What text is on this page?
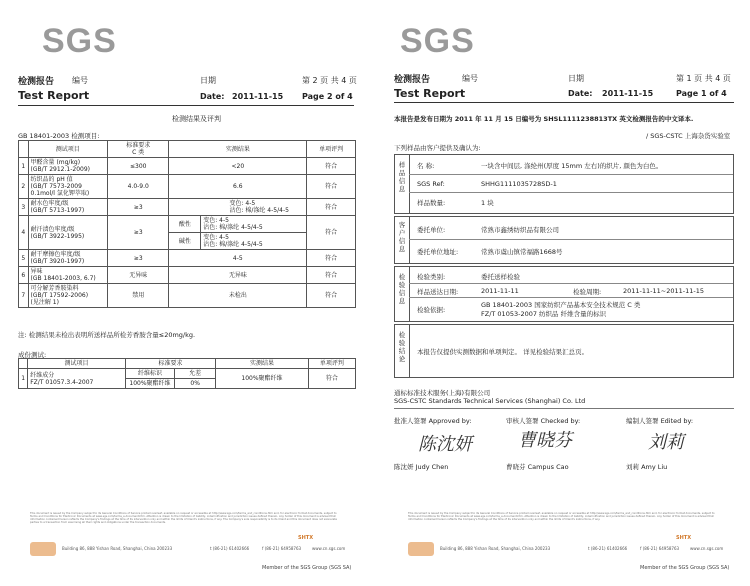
SGS
检测报告 编号	日期	第 2 页 共 4 页
Test Report	Date: 2011-11-15 Page 2 of 4
检测结果及评判
GB 18401-2003 检测项目:
	测试项目	标准要求
C 类	实测结果		单项评判
1	甲醛含量 (mg/kg)
(GB/T 2912.1-2009)	≤300	<20		符合
2	纺织品的 pH 值
(GB/T 7573-2009
0.1mol/l 氯化钾萃取)	4.0-9.0	6.6		符合
3	耐水色牢度/级
(GB/T 5713-1997)	≥3	变色: 4-5
沾色: 棉/涤纶 4-5/4-5		符合
4	耐汗渍色牢度/级
(GB/T 3922-1995)	≥3	酸性	变色: 4-5
沾色: 棉/涤纶 4-5/4-5	符合
			碱性	变色: 4-5
沾色: 棉/涤纶 4-5/4-5	
5	耐干摩擦色牢度/级
(GB/T 3920-1997)	≥3	4-5		符合
6	异味
(GB 18401-2003, 6.7)	无异味	无异味		符合
7	可分解芳香胺染料
(GB/T 17592-2006)
(见注解 1)	禁用	未检出		符合
注: 检测结果未检出表明所送样品所检芳香胺含量≤20mg/kg.
成份测试:
	测试项目	标准要求		实测结果	单项评判
1	纤维成分
FZ/T 01057.3.4-2007	纤维标识	允差	100%聚酯纤维	符合
		100%聚酯纤维	0%		
This document is issued by the Company subject to its General Conditions of Service printed overleaf, available on request or accessible at http://www.sgs.com/terms_and_conditions.htm and, for electronic format documents, subject to Terms and Conditions for Electronic Documents at www.sgs.com/terms_e-document.htm. Attention is drawn to the limitation of liability, indemnification and jurisdiction issues defined therein. Any holder of this document is advised that information contained hereon reflects the Company's findings at the time of its intervention only and within the limits of Client's instructions, if any. The Company's sole responsibility is to its Client and this document does not exonerate parties to a transaction from exercising all their rights and obligations under the transaction documents.
Building 86, 888 Yishan Road, Shanghai, China 200233	t (86-21) 61402666	f (86-21) 64958763	www.cn.sgs.com
SHTX
Member of the SGS Group (SGS SA)
SGS
检测报告	编号	日期	第 1 页 共 4 页
Test Report	Date: 2011-11-15	Page 1 of 4
本报告是发布日期为 2011 年 11 月 15 日编号为 SHSL1111238813TX 英文检测报告的中文译本.
/ SGS-CSTC 上海杂货实验室
下列样品由客户提供及确认为:
样品信息
名 称:	一块含中间层, 涤纶州(厚度 15mm 左右)的织片, 颜色为白色。
SGS Ref:	SHHG1111035728SD-1
样品数量:	1 块
客户信息
委托单位:	常熟市鑫绣纺织品有限公司
委托单位地址:	常熟市虞山镇常福路1668号
检验信息
检验类别:	委托送样检验
样品送达日期:	2011-11-11	检验周期:	2011-11-11~2011-11-15
检验依据:
GB 18401-2003 国家纺织产品基本安全技术规范 C 类
FZ/T 01053-2007 纺织品 纤维含量的标识
检验结论
本报告仅提供实测数据和单项判定。 详见检验结果汇总页。
通标标准技术服务(上海)有限公司
SGS-CSTC Standards Technical Services (Shanghai) Co. Ltd
批准人签署 Approved by:	审核人签署 Checked by:	编制人签署 Edited by:
陈沈妍	曹晓芬	刘莉
陈沈妍 Judy Chen	曹晓芬 Campus Cao	刘莉 Amy Liu
This document is issued by the Company subject to its General Conditions of Service printed overleaf, available on request or accessible at http://www.sgs.com/terms_and_conditions.htm and, for electronic format documents, subject to Terms and Conditions for Electronic Documents at www.sgs.com/terms_e-document.htm. Attention is drawn to the limitation of liability, indemnification and jurisdiction issues defined therein. Any holder of this document is advised that information contained hereon reflects the Company's findings at the time of its intervention only and within the limits of Client's instructions, if any.
Building 86, 888 Yishan Road, Shanghai, China 200233	t (86-21) 61402666	f (86-21) 64958763	www.cn.sgs.com
SHTX
Member of the SGS Group (SGS SA)
